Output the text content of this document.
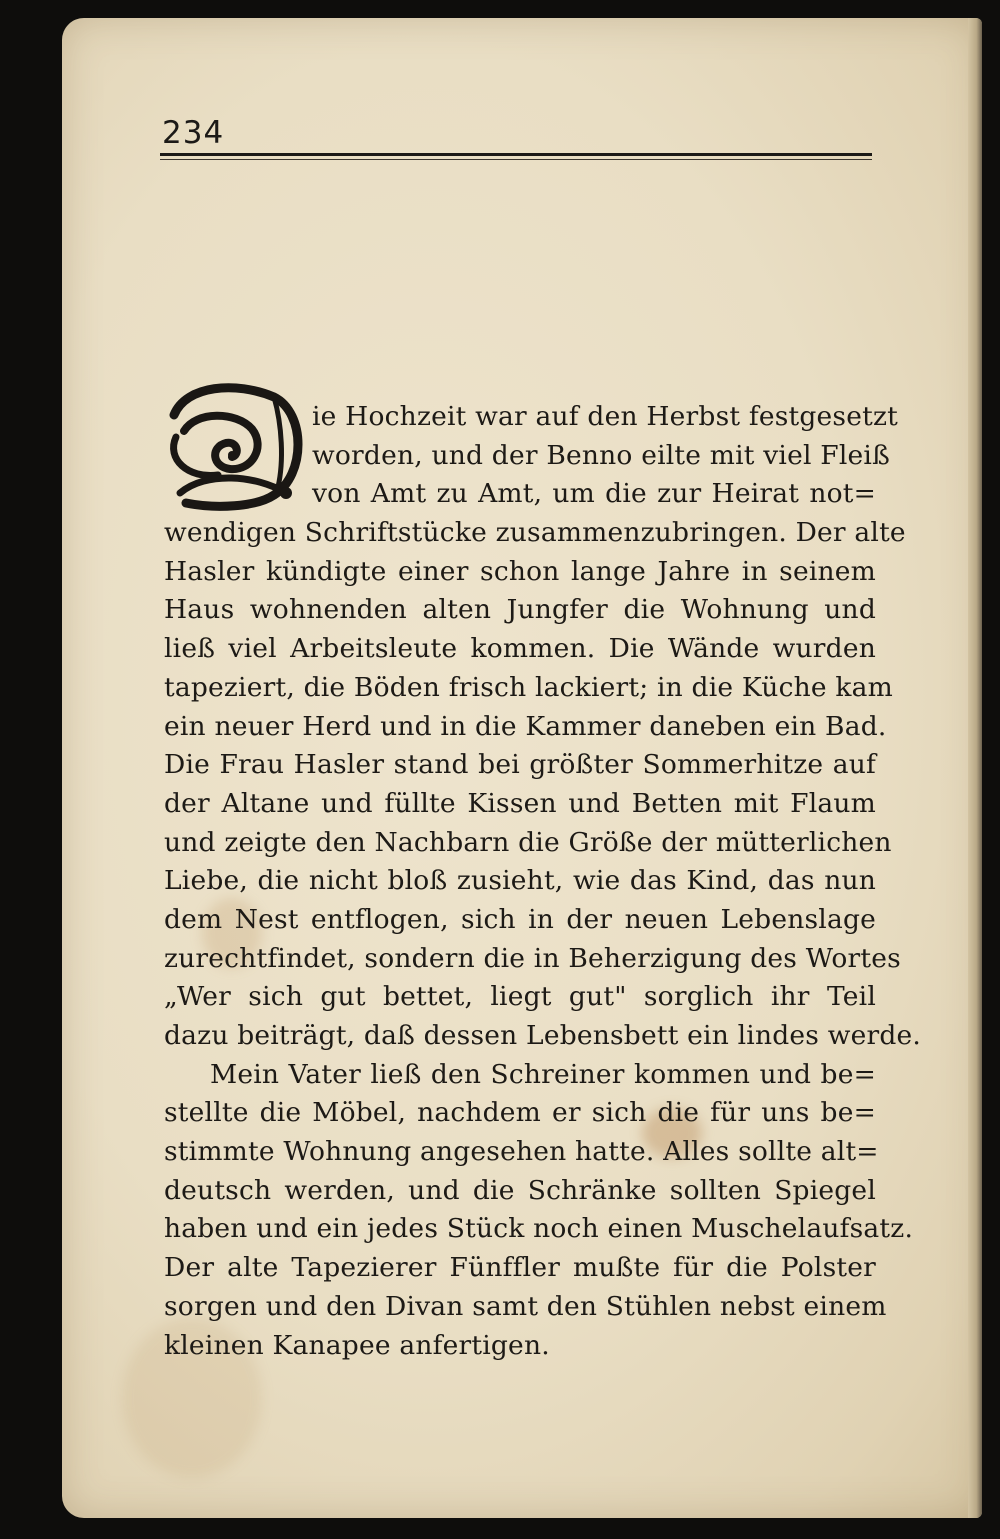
234
ie Hochzeit war auf den Herbst festgesetzt
worden, und der Benno eilte mit viel Fleiß
von Amt zu Amt, um die zur Heirat not=
wendigen Schriftstücke zusammenzubringen. Der alte
Hasler kündigte einer schon lange Jahre in seinem
Haus wohnenden alten Jungfer die Wohnung und
ließ viel Arbeitsleute kommen. Die Wände wurden
tapeziert, die Böden frisch lackiert; in die Küche kam
ein neuer Herd und in die Kammer daneben ein Bad.
Die Frau Hasler stand bei größter Sommerhitze auf
der Altane und füllte Kissen und Betten mit Flaum
und zeigte den Nachbarn die Größe der mütterlichen
Liebe, die nicht bloß zusieht, wie das Kind, das nun
dem Nest entflogen, sich in der neuen Lebenslage
zurechtfindet, sondern die in Beherzigung des Wortes
„Wer sich gut bettet, liegt gut" sorglich ihr Teil
dazu beiträgt, daß dessen Lebensbett ein lindes werde.
Mein Vater ließ den Schreiner kommen und be=
stellte die Möbel, nachdem er sich die für uns be=
stimmte Wohnung angesehen hatte. Alles sollte alt=
deutsch werden, und die Schränke sollten Spiegel
haben und ein jedes Stück noch einen Muschelaufsatz.
Der alte Tapezierer Fünffler mußte für die Polster
sorgen und den Divan samt den Stühlen nebst einem
kleinen Kanapee anfertigen.
